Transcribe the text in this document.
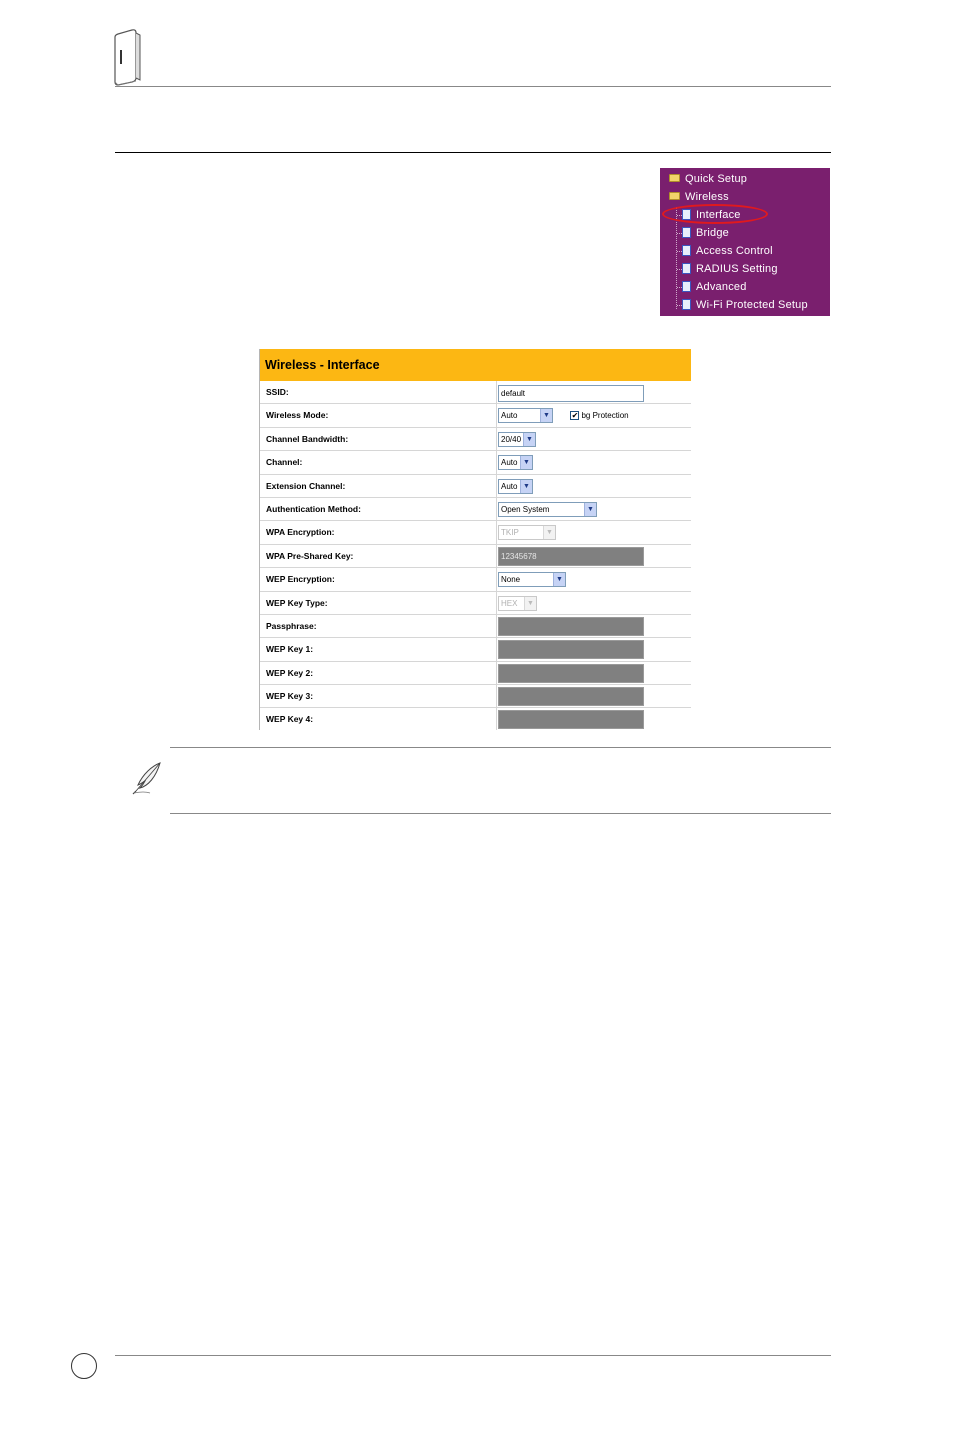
Quick Setup
Wireless
Interface
Bridge
Access Control
RADIUS Setting
Advanced
Wi-Fi Protected Setup
Wireless - Interface
SSID:	default
Wireless Mode:	Auto	▼	✔ bg Protection
Channel Bandwidth:	20/40 ▼
Channel:	Auto ▼
Extension Channel:	Auto ▼
Authentication Method:	Open System	▼
WPA Encryption:	TKIP	▼
WPA Pre-Shared Key:	12345678
WEP Encryption:	None	▼
WEP Key Type:	HEX	▼
Passphrase:
WEP Key 1:
WEP Key 2:
WEP Key 3:
WEP Key 4:
